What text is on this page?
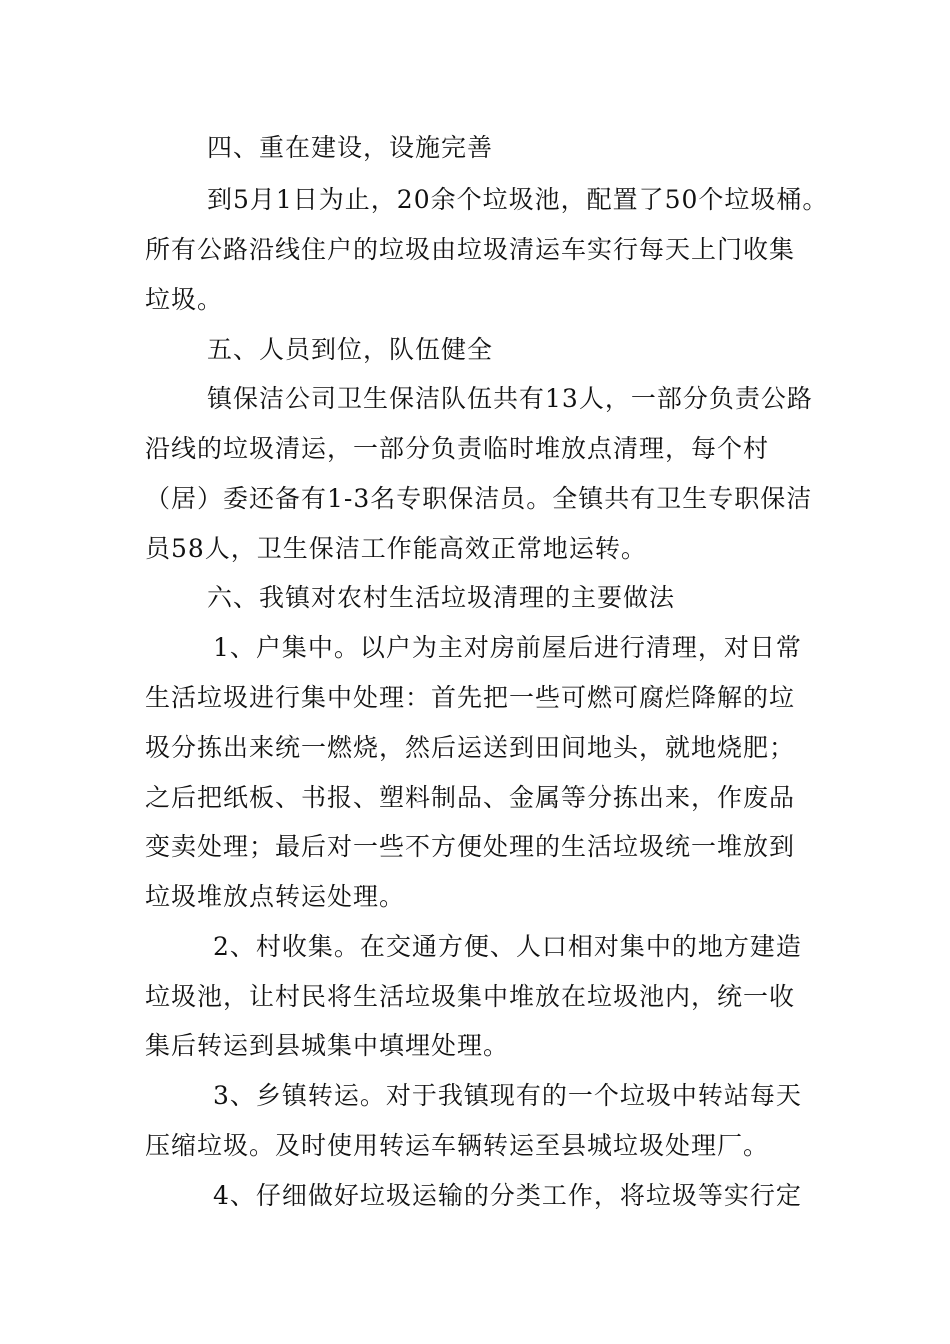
四、重在建设，设施完善
到5月1日为止，20余个垃圾池，配置了50个垃圾桶。
所有公路沿线住户的垃圾由垃圾清运车实行每天上门收集
垃圾。
五、人员到位，队伍健全
镇保洁公司卫生保洁队伍共有13人，一部分负责公路
沿线的垃圾清运，一部分负责临时堆放点清理，每个村
（居）委还备有1-3名专职保洁员。全镇共有卫生专职保洁
员58人，卫生保洁工作能高效正常地运转。
六、我镇对农村生活垃圾清理的主要做法
1、户集中。以户为主对房前屋后进行清理，对日常
生活垃圾进行集中处理：首先把一些可燃可腐烂降解的垃
圾分拣出来统一燃烧，然后运送到田间地头，就地烧肥；
之后把纸板、书报、塑料制品、金属等分拣出来，作废品
变卖处理；最后对一些不方便处理的生活垃圾统一堆放到
垃圾堆放点转运处理。
2、村收集。在交通方便、人口相对集中的地方建造
垃圾池，让村民将生活垃圾集中堆放在垃圾池内，统一收
集后转运到县城集中填埋处理。
3、乡镇转运。对于我镇现有的一个垃圾中转站每天
压缩垃圾。及时使用转运车辆转运至县城垃圾处理厂。
4、仔细做好垃圾运输的分类工作，将垃圾等实行定
